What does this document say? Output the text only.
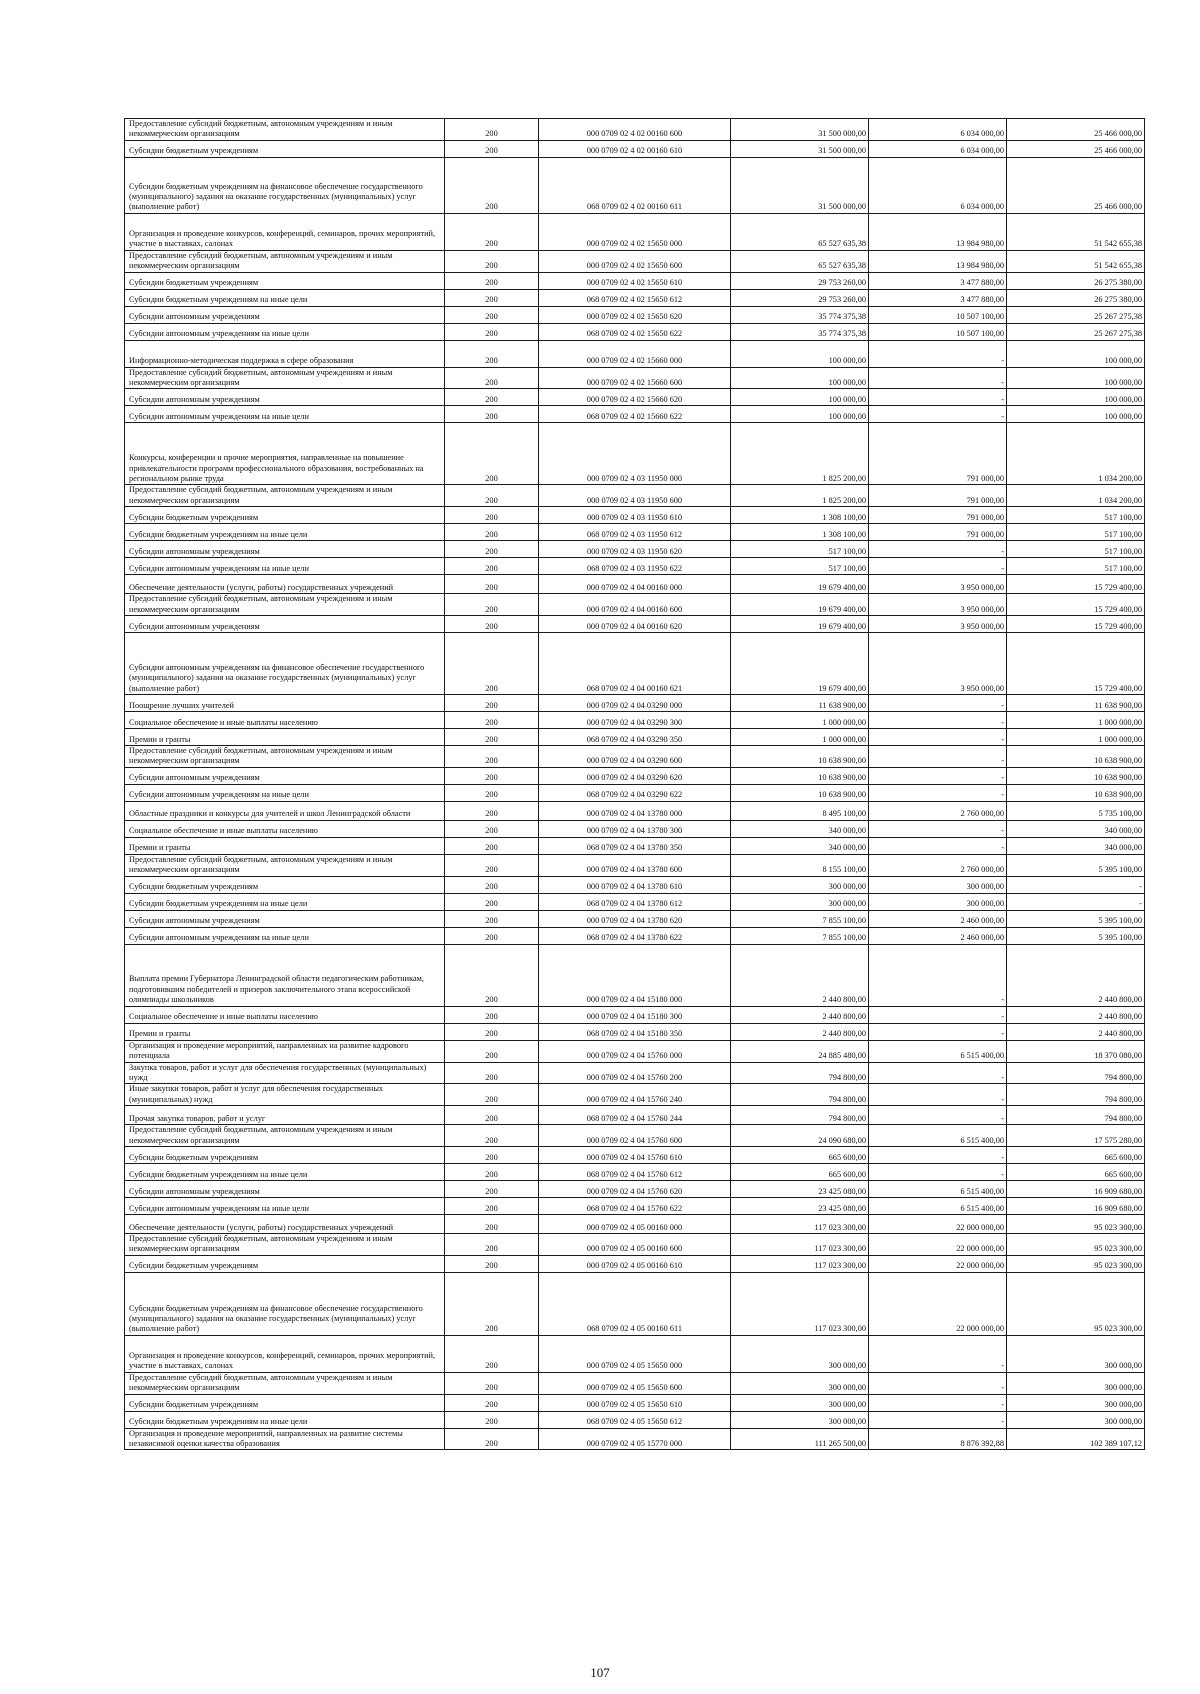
Предоставление субсидий бюджетным, автономным учреждениям и иным некоммерческим организациям	200	000 0709 02 4 02 00160 600	31 500 000,00	6 034 000,00	25 466 000,00
Субсидии бюджетным учреждениям	200	000 0709 02 4 02 00160 610	31 500 000,00	6 034 000,00	25 466 000,00
Субсидии бюджетным учреждениям на финансовое обеспечение государственного (муниципального) задания на оказание государственных (муниципальных) услуг (выполнение работ)	200	068 0709 02 4 02 00160 611	31 500 000,00	6 034 000,00	25 466 000,00
Организация и проведение конкурсов, конференций, семинаров, прочих мероприятий, участие в выставках, салонах	200	000 0709 02 4 02 15650 000	65 527 635,38	13 984 980,00	51 542 655,38
Предоставление субсидий бюджетным, автономным учреждениям и иным некоммерческим организациям	200	000 0709 02 4 02 15650 600	65 527 635,38	13 984 980,00	51 542 655,38
Субсидии бюджетным учреждениям	200	000 0709 02 4 02 15650 610	29 753 260,00	3 477 880,00	26 275 380,00
Субсидии бюджетным учреждениям на иные цели	200	068 0709 02 4 02 15650 612	29 753 260,00	3 477 880,00	26 275 380,00
Субсидии автономным учреждениям	200	000 0709 02 4 02 15650 620	35 774 375,38	10 507 100,00	25 267 275,38
Субсидии автономным учреждениям на иные цели	200	068 0709 02 4 02 15650 622	35 774 375,38	10 507 100,00	25 267 275,38
Информационно-методическая поддержка в сфере образования	200	000 0709 02 4 02 15660 000	100 000,00	-	100 000,00
Предоставление субсидий бюджетным, автономным учреждениям и иным некоммерческим организациям	200	000 0709 02 4 02 15660 600	100 000,00	-	100 000,00
Субсидии автономным учреждениям	200	000 0709 02 4 02 15660 620	100 000,00	-	100 000,00
Субсидии автономным учреждениям на иные цели	200	068 0709 02 4 02 15660 622	100 000,00	-	100 000,00
Конкурсы, конференции и прочие мероприятия, направленные на повышение привлекательности программ профессионального образования, востребованных на региональном рынке труда	200	000 0709 02 4 03 11950 000	1 825 200,00	791 000,00	1 034 200,00
Предоставление субсидий бюджетным, автономным учреждениям и иным некоммерческим организациям	200	000 0709 02 4 03 11950 600	1 825 200,00	791 000,00	1 034 200,00
Субсидии бюджетным учреждениям	200	000 0709 02 4 03 11950 610	1 308 100,00	791 000,00	517 100,00
Субсидии бюджетным учреждениям на иные цели	200	068 0709 02 4 03 11950 612	1 308 100,00	791 000,00	517 100,00
Субсидии автономным учреждениям	200	000 0709 02 4 03 11950 620	517 100,00	-	517 100,00
Субсидии автономным учреждениям на иные цели	200	068 0709 02 4 03 11950 622	517 100,00	-	517 100,00
Обеспечение деятельности (услуги, работы) государственных учреждений	200	000 0709 02 4 04 00160 000	19 679 400,00	3 950 000,00	15 729 400,00
Предоставление субсидий бюджетным, автономным учреждениям и иным некоммерческим организациям	200	000 0709 02 4 04 00160 600	19 679 400,00	3 950 000,00	15 729 400,00
Субсидии автономным учреждениям	200	000 0709 02 4 04 00160 620	19 679 400,00	3 950 000,00	15 729 400,00
Субсидии автономным учреждениям на финансовое обеспечение государственного (муниципального) задания на оказание государственных (муниципальных) услуг (выполнение работ)	200	068 0709 02 4 04 00160 621	19 679 400,00	3 950 000,00	15 729 400,00
Поощрение лучших учителей	200	000 0709 02 4 04 03290 000	11 638 900,00	-	11 638 900,00
Социальное обеспечение и иные выплаты населению	200	000 0709 02 4 04 03290 300	1 000 000,00	-	1 000 000,00
Премии и гранты	200	068 0709 02 4 04 03290 350	1 000 000,00	-	1 000 000,00
Предоставление субсидий бюджетным, автономным учреждениям и иным некоммерческим организациям	200	000 0709 02 4 04 03290 600	10 638 900,00	-	10 638 900,00
Субсидии автономным учреждениям	200	000 0709 02 4 04 03290 620	10 638 900,00	-	10 638 900,00
Субсидии автономным учреждениям на иные цели	200	068 0709 02 4 04 03290 622	10 638 900,00	-	10 638 900,00
Областные праздники и конкурсы для учителей и школ Ленинградской области	200	000 0709 02 4 04 13780 000	8 495 100,00	2 760 000,00	5 735 100,00
Социальное обеспечение и иные выплаты населению	200	000 0709 02 4 04 13780 300	340 000,00	-	340 000,00
Премии и гранты	200	068 0709 02 4 04 13780 350	340 000,00	-	340 000,00
Предоставление субсидий бюджетным, автономным учреждениям и иным некоммерческим организациям	200	000 0709 02 4 04 13780 600	8 155 100,00	2 760 000,00	5 395 100,00
Субсидии бюджетным учреждениям	200	000 0709 02 4 04 13780 610	300 000,00	300 000,00	-
Субсидии бюджетным учреждениям на иные цели	200	068 0709 02 4 04 13780 612	300 000,00	300 000,00	-
Субсидии автономным учреждениям	200	000 0709 02 4 04 13780 620	7 855 100,00	2 460 000,00	5 395 100,00
Субсидии автономным учреждениям на иные цели	200	068 0709 02 4 04 13780 622	7 855 100,00	2 460 000,00	5 395 100,00
Выплата премии Губернатора Ленинградской области педагогическим работникам, подготовившим победителей и призеров заключительного этапа всероссийской олимпиады школьников	200	000 0709 02 4 04 15180 000	2 440 800,00	-	2 440 800,00
Социальное обеспечение и иные выплаты населению	200	000 0709 02 4 04 15180 300	2 440 800,00	-	2 440 800,00
Премии и гранты	200	068 0709 02 4 04 15180 350	2 440 800,00	-	2 440 800,00
Организация и проведение мероприятий, направленных на развитие кадрового потенциала	200	000 0709 02 4 04 15760 000	24 885 480,00	6 515 400,00	18 370 080,00
Закупка товаров, работ и услуг для обеспечения государственных (муниципальных) нужд	200	000 0709 02 4 04 15760 200	794 800,00	-	794 800,00
Иные закупки товаров, работ и услуг для обеспечения государственных (муниципальных) нужд	200	000 0709 02 4 04 15760 240	794 800,00	-	794 800,00
Прочая закупка товаров, работ и услуг	200	068 0709 02 4 04 15760 244	794 800,00	-	794 800,00
Предоставление субсидий бюджетным, автономным учреждениям и иным некоммерческим организациям	200	000 0709 02 4 04 15760 600	24 090 680,00	6 515 400,00	17 575 280,00
Субсидии бюджетным учреждениям	200	000 0709 02 4 04 15760 610	665 600,00	-	665 600,00
Субсидии бюджетным учреждениям на иные цели	200	068 0709 02 4 04 15760 612	665 600,00	-	665 600,00
Субсидии автономным учреждениям	200	000 0709 02 4 04 15760 620	23 425 080,00	6 515 400,00	16 909 680,00
Субсидии автономным учреждениям на иные цели	200	068 0709 02 4 04 15760 622	23 425 080,00	6 515 400,00	16 909 680,00
Обеспечение деятельности (услуги, работы) государственных учреждений	200	000 0709 02 4 05 00160 000	117 023 300,00	22 000 000,00	95 023 300,00
Предоставление субсидий бюджетным, автономным учреждениям и иным некоммерческим организациям	200	000 0709 02 4 05 00160 600	117 023 300,00	22 000 000,00	95 023 300,00
Субсидии бюджетным учреждениям	200	000 0709 02 4 05 00160 610	117 023 300,00	22 000 000,00	95 023 300,00
Субсидии бюджетным учреждениям на финансовое обеспечение государственного (муниципального) задания на оказание государственных (муниципальных) услуг (выполнение работ)	200	068 0709 02 4 05 00160 611	117 023 300,00	22 000 000,00	95 023 300,00
Организация и проведение конкурсов, конференций, семинаров, прочих мероприятий, участие в выставках, салонах	200	000 0709 02 4 05 15650 000	300 000,00	-	300 000,00
Предоставление субсидий бюджетным, автономным учреждениям и иным некоммерческим организациям	200	000 0709 02 4 05 15650 600	300 000,00	-	300 000,00
Субсидии бюджетным учреждениям	200	000 0709 02 4 05 15650 610	300 000,00	-	300 000,00
Субсидии бюджетным учреждениям на иные цели	200	068 0709 02 4 05 15650 612	300 000,00	-	300 000,00
Организация и проведение мероприятий, направленных на развитие системы независимой оценки качества образования	200	000 0709 02 4 05 15770 000	111 265 500,00	8 876 392,88	102 389 107,12
107
